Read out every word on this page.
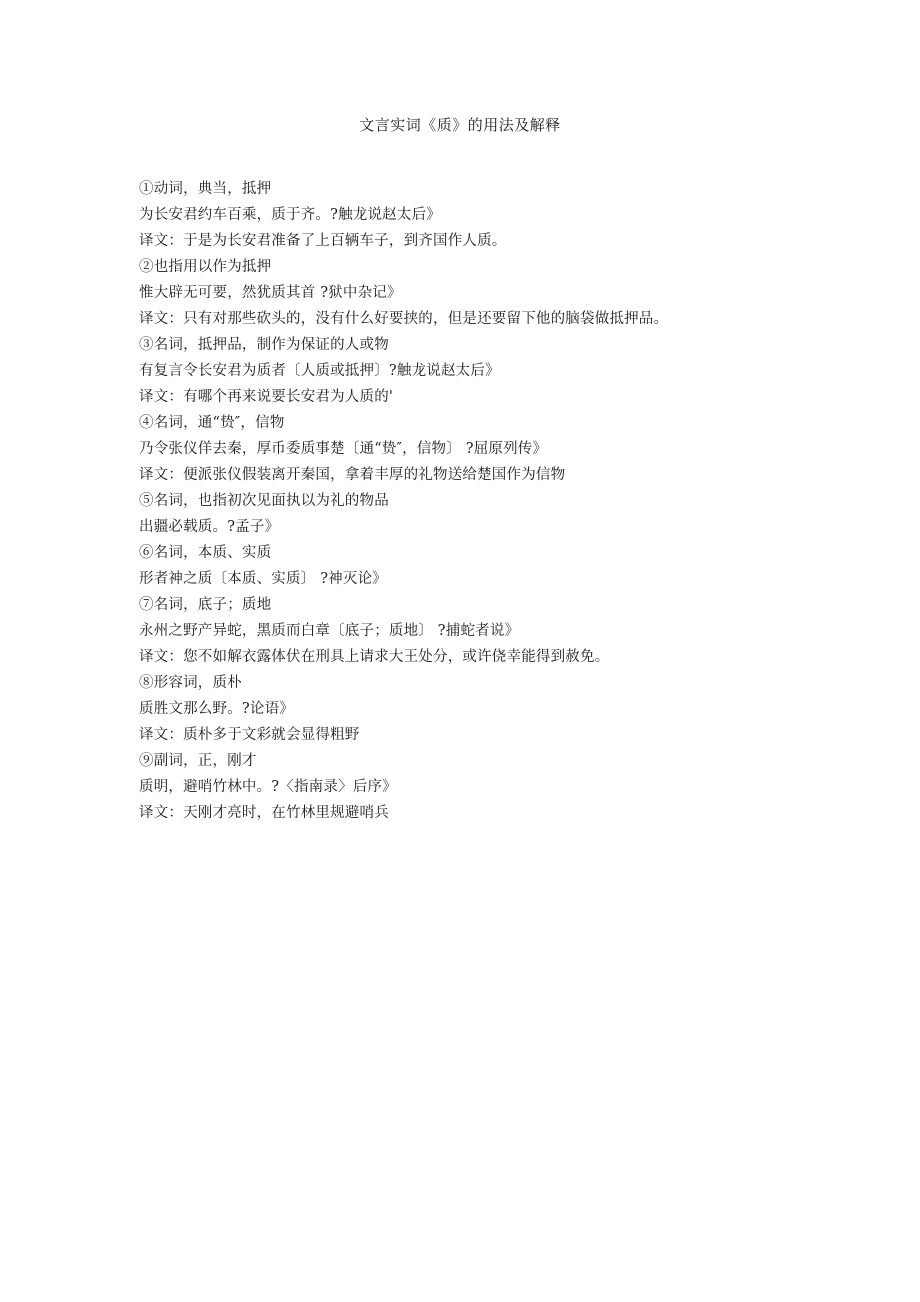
文言实词《质》的用法及解释
①动词，典当，抵押
为长安君约车百乘，质于齐。?触龙说赵太后》
译文：于是为长安君准备了上百辆车子，到齐国作人质。
②也指用以作为抵押
惟大辟无可要，然犹质其首 ?狱中杂记》
译文：只有对那些砍头的，没有什么好要挟的，但是还要留下他的脑袋做抵押品。
③名词，抵押品，制作为保证的人或物
有复言令长安君为质者〔人质或抵押〕?触龙说赵太后》
译文：有哪个再来说要长安君为人质的'
④名词，通“贽″，信物
乃令张仪佯去秦，厚币委质事楚〔通“贽″，信物〕 ?屈原列传》
译文：便派张仪假装离开秦国，拿着丰厚的礼物送给楚国作为信物
⑤名词，也指初次见面执以为礼的物品
出疆必载质。?孟子》
⑥名词，本质、实质
形者神之质〔本质、实质〕 ?神灭论》
⑦名词，底子；质地
永州之野产异蛇，黑质而白章〔底子；质地〕 ?捕蛇者说》
译文：您不如解衣露体伏在刑具上请求大王处分，或许侥幸能得到赦免。
⑧形容词，质朴
质胜文那么野。?论语》
译文：质朴多于文彩就会显得粗野
⑨副词，正，刚才
质明，避哨竹林中。?〈指南录〉后序》
译文：天刚才亮时，在竹林里规避哨兵
